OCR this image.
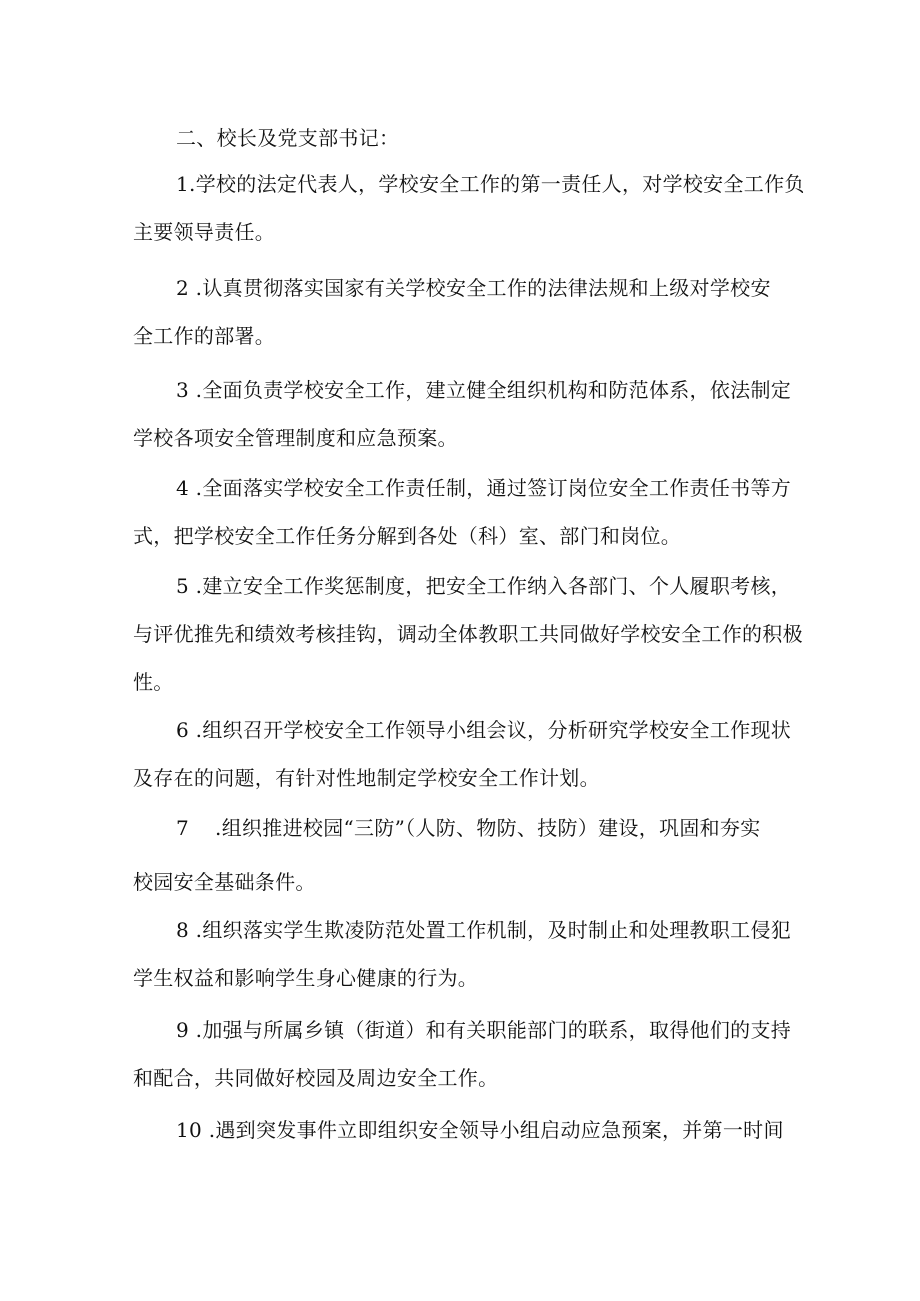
二、校长及党支部书记：
1.学校的法定代表人，学校安全工作的第一责任人，对学校安全工作负
主要领导责任。
2 .认真贯彻落实国家有关学校安全工作的法律法规和上级对学校安
全工作的部署。
3 .全面负责学校安全工作，建立健全组织机构和防范体系，依法制定
学校各项安全管理制度和应急预案。
4 .全面落实学校安全工作责任制，通过签订岗位安全工作责任书等方
式，把学校安全工作任务分解到各处（科）室、部门和岗位。
5 .建立安全工作奖惩制度，把安全工作纳入各部门、个人履职考核，
与评优推先和绩效考核挂钩，调动全体教职工共同做好学校安全工作的积极
性。
6 .组织召开学校安全工作领导小组会议，分析研究学校安全工作现状
及存在的问题，有针对性地制定学校安全工作计划。
7 .组织推进校园“三防”（人防、物防、技防）建设，巩固和夯实
校园安全基础条件。
8 .组织落实学生欺凌防范处置工作机制，及时制止和处理教职工侵犯
学生权益和影响学生身心健康的行为。
9 .加强与所属乡镇（街道）和有关职能部门的联系，取得他们的支持
和配合，共同做好校园及周边安全工作。
10 .遇到突发事件立即组织安全领导小组启动应急预案，并第一时间
